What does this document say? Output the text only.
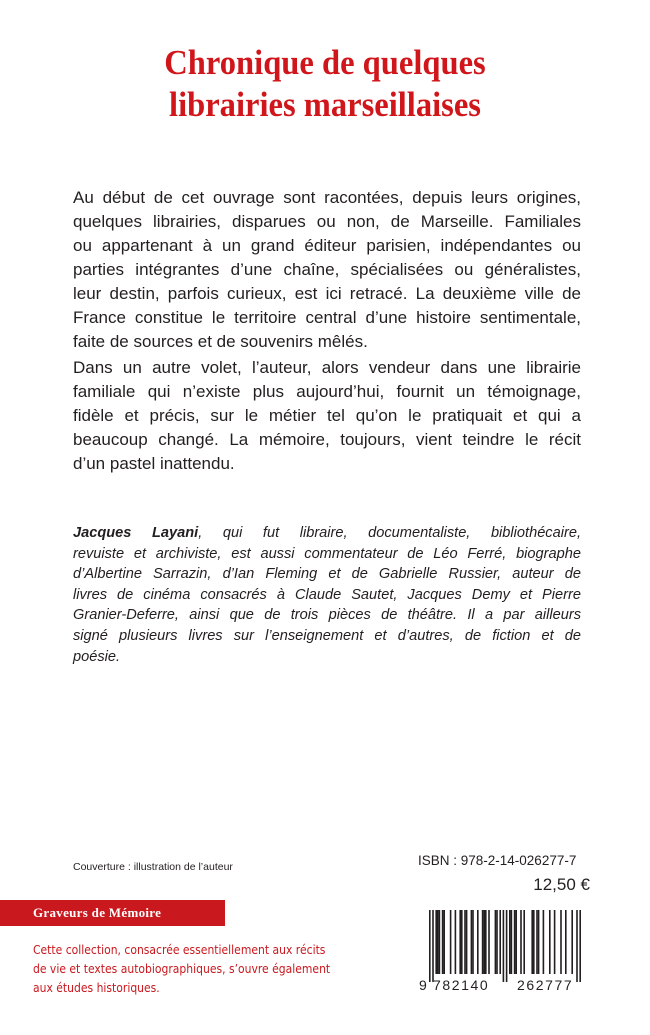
Chronique de quelques
librairies marseillaises
Au début de cet ouvrage sont racontées, depuis leurs origines,
quelques librairies, disparues ou non, de Marseille. Familiales
ou appartenant à un grand éditeur parisien, indépendantes ou
parties intégrantes d’une chaîne, spécialisées ou généralistes,
leur destin, parfois curieux, est ici retracé. La deuxième ville de
France constitue le territoire central d’une histoire sentimentale,
faite de sources et de souvenirs mêlés.
Dans un autre volet, l’auteur, alors vendeur dans une librairie
familiale qui n’existe plus aujourd’hui, fournit un témoignage,
fidèle et précis, sur le métier tel qu’on le pratiquait et qui a
beaucoup changé. La mémoire, toujours, vient teindre le récit
d’un pastel inattendu.
Jacques Layani, qui fut libraire, documentaliste, bibliothécaire,
revuiste et archiviste, est aussi commentateur de Léo Ferré, biographe
d’Albertine Sarrazin, d’Ian Fleming et de Gabrielle Russier, auteur de
livres de cinéma consacrés à Claude Sautet, Jacques Demy et Pierre
Granier-Deferre, ainsi que de trois pièces de théâtre. Il a par ailleurs
signé plusieurs livres sur l’enseignement et d’autres, de fiction et de
poésie.

Couverture : illustration de l’auteur	ISBN : 978-2-14-026277-7

12,50 €

Graveurs de Mémoire
Cette collection, consacrée essentiellement aux récits
de vie et textes autobiographiques, s’ouvre également
aux études historiques.	9 782140 262777
